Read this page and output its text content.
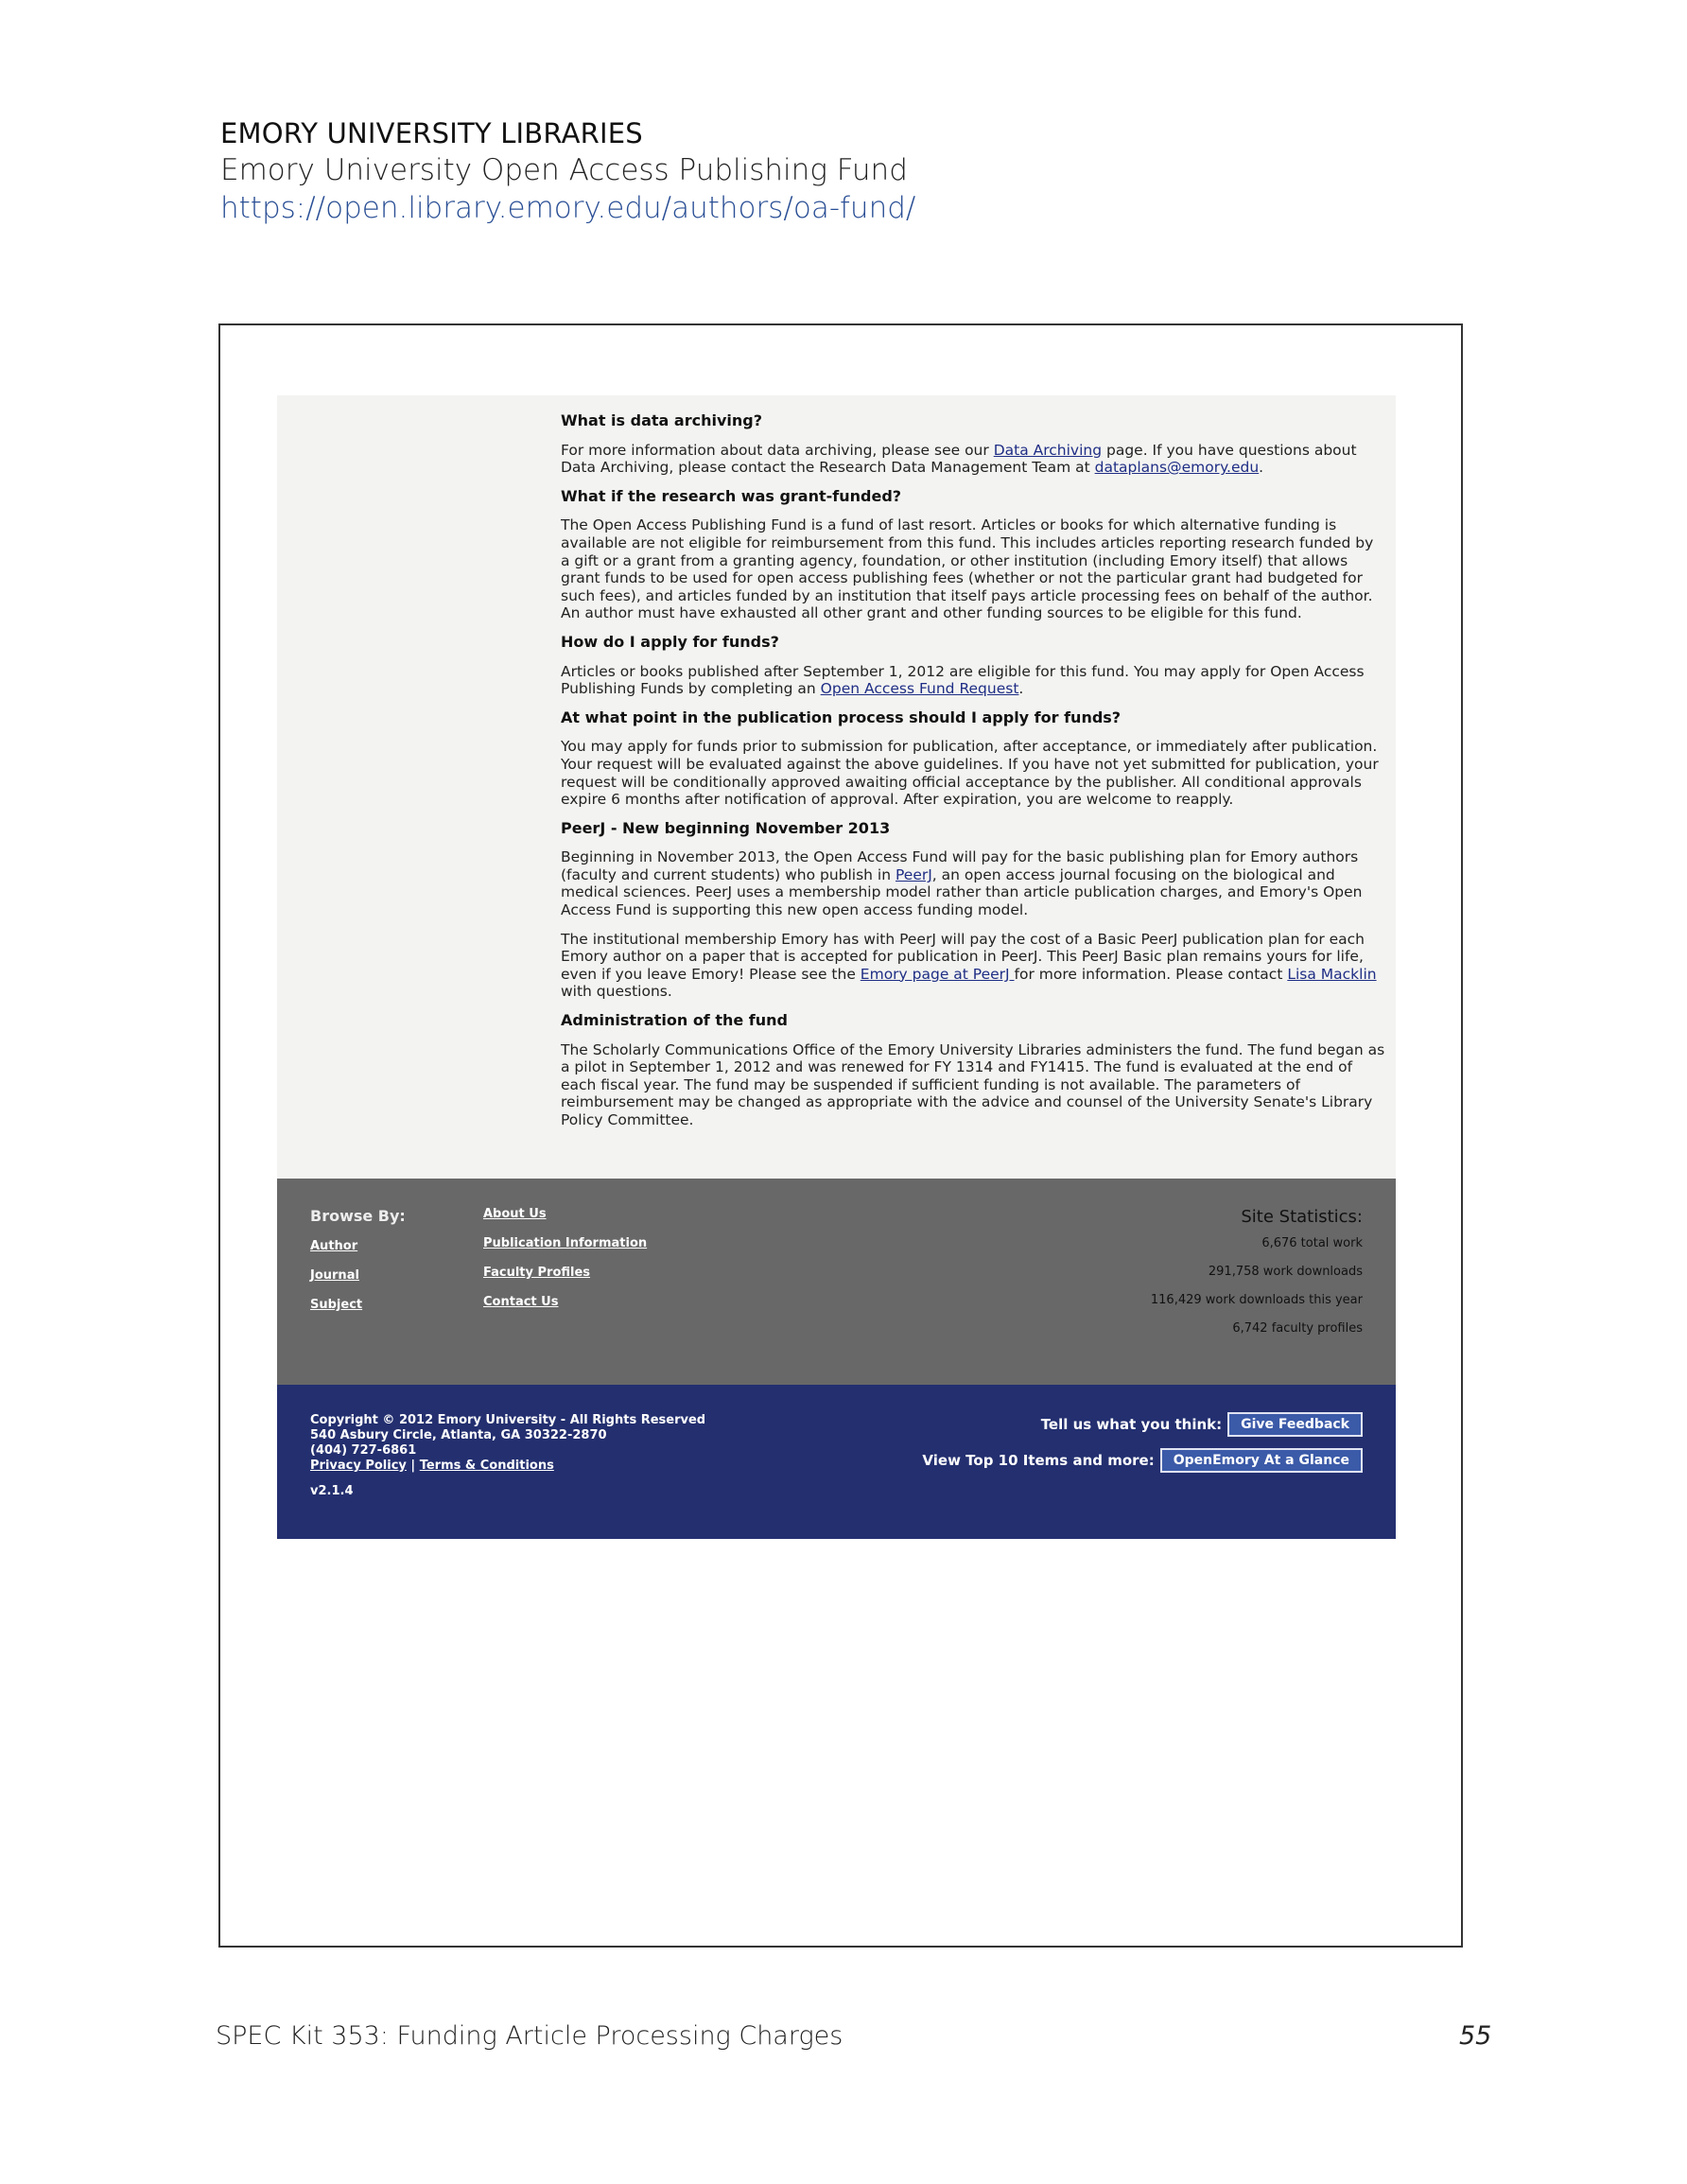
EMORY UNIVERSITY LIBRARIES
Emory University Open Access Publishing Fund
https://open.library.emory.edu/authors/oa-fund/
What is data archiving?

For more information about data archiving, please see our Data Archiving page. If you have questions about Data Archiving, please contact the Research Data Management Team at dataplans@emory.edu.

What if the research was grant-funded?

The Open Access Publishing Fund is a fund of last resort. Articles or books for which alternative funding is available are not eligible for reimbursement from this fund. This includes articles reporting research funded by a gift or a grant from a granting agency, foundation, or other institution (including Emory itself) that allows grant funds to be used for open access publishing fees (whether or not the particular grant had budgeted for such fees), and articles funded by an institution that itself pays article processing fees on behalf of the author. An author must have exhausted all other grant and other funding sources to be eligible for this fund.

How do I apply for funds?

Articles or books published after September 1, 2012 are eligible for this fund. You may apply for Open Access Publishing Funds by completing an Open Access Fund Request.

At what point in the publication process should I apply for funds?

You may apply for funds prior to submission for publication, after acceptance, or immediately after publication. Your request will be evaluated against the above guidelines. If you have not yet submitted for publication, your request will be conditionally approved awaiting official acceptance by the publisher. All conditional approvals expire 6 months after notification of approval. After expiration, you are welcome to reapply.

PeerJ - New beginning November 2013

Beginning in November 2013, the Open Access Fund will pay for the basic publishing plan for Emory authors (faculty and current students) who publish in PeerJ, an open access journal focusing on the biological and medical sciences. PeerJ uses a membership model rather than article publication charges, and Emory's Open Access Fund is supporting this new open access funding model.

The institutional membership Emory has with PeerJ will pay the cost of a Basic PeerJ publication plan for each Emory author on a paper that is accepted for publication in PeerJ. This PeerJ Basic plan remains yours for life, even if you leave Emory! Please see the Emory page at PeerJ for more information. Please contact Lisa Macklin with questions.

Administration of the fund

The Scholarly Communications Office of the Emory University Libraries administers the fund. The fund began as a pilot in September 1, 2012 and was renewed for FY 1314 and FY1415. The fund is evaluated at the end of each fiscal year. The fund may be suspended if sufficient funding is not available. The parameters of reimbursement may be changed as appropriate with the advice and counsel of the University Senate's Library Policy Committee.

Browse By:
Author
Journal
Subject
About Us
Publication Information
Faculty Profiles
Contact Us
Site Statistics:
6,676 total work
291,758 work downloads
116,429 work downloads this year
6,742 faculty profiles
Copyright © 2012 Emory University - All Rights Reserved
540 Asbury Circle, Atlanta, GA 30322-2870
(404) 727-6861
Privacy Policy | Terms & Conditions
v2.1.4
Tell us what you think:	Give Feedback
View Top 10 Items and more:	OpenEmory At a Glance
SPEC Kit 353: Funding Article Processing Charges	55
